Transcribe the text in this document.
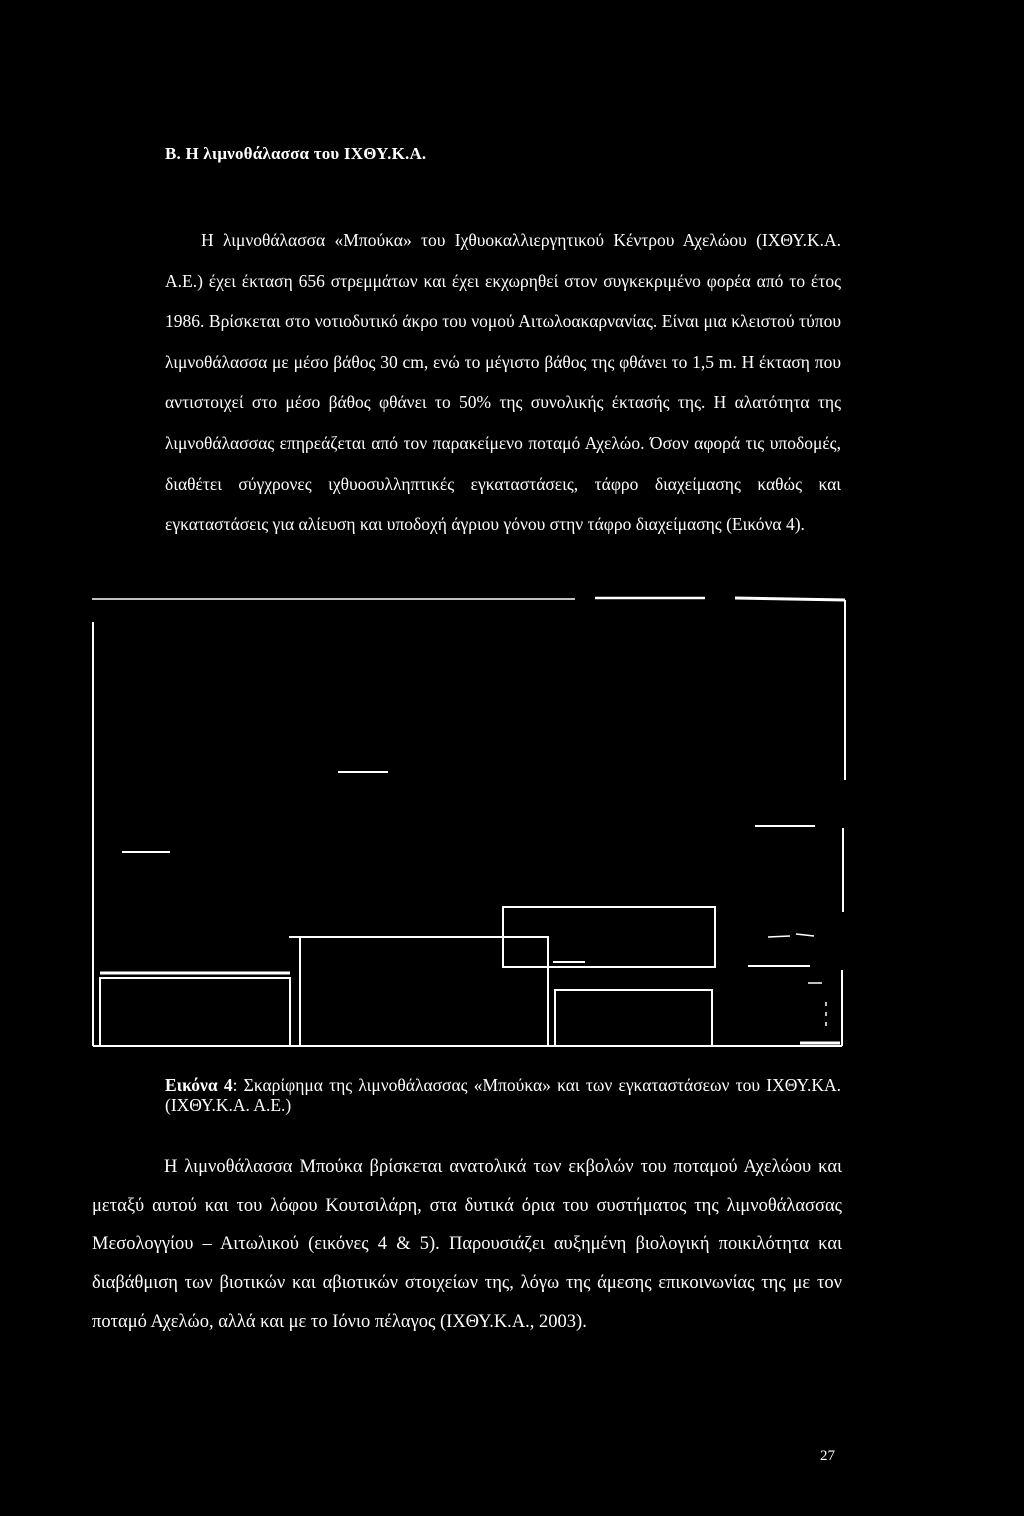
Β. Η λιμνοθάλασσα του ΙΧΘΥ.Κ.Α.
Η λιμνοθάλασσα «Μπούκα» του Ιχθυοκαλλιεργητικού Κέντρου Αχελώου (ΙΧΘΥ.Κ.Α. Α.Ε.) έχει έκταση 656 στρεμμάτων και έχει εκχωρηθεί στον συγκεκριμένο φορέα από το έτος 1986. Βρίσκεται στο νοτιοδυτικό άκρο του νομού Αιτωλοακαρνανίας. Είναι μια κλειστού τύπου λιμνοθάλασσα με μέσο βάθος 30 cm, ενώ το μέγιστο βάθος της φθάνει το 1,5 m. Η έκταση που αντιστοιχεί στο μέσο βάθος φθάνει το 50% της συνολικής έκτασής της. Η αλατότητα της λιμνοθάλασσας επηρεάζεται από τον παρακείμενο ποταμό Αχελώο. Όσον αφορά τις υποδομές, διαθέτει σύγχρονες ιχθυοσυλληπτικές εγκαταστάσεις, τάφρο διαχείμασης καθώς και εγκαταστάσεις για αλίευση και υποδοχή άγριου γόνου στην τάφρο διαχείμασης (Εικόνα 4).
Εικόνα 4: Σκαρίφημα της λιμνοθάλασσας «Μπούκα» και των εγκαταστάσεων του ΙΧΘΥ.ΚΑ. (ΙΧΘΥ.Κ.Α. Α.Ε.)
Η λιμνοθάλασσα Μπούκα βρίσκεται ανατολικά των εκβολών του ποταμού Αχελώου και μεταξύ αυτού και του λόφου Κουτσιλάρη, στα δυτικά όρια του συστήματος της λιμνοθάλασσας Μεσολογγίου – Αιτωλικού (εικόνες 4 & 5). Παρουσιάζει αυξημένη βιολογική ποικιλότητα και διαβάθμιση των βιοτικών και αβιοτικών στοιχείων της, λόγω της άμεσης επικοινωνίας της με τον ποταμό Αχελώο, αλλά και με το Ιόνιο πέλαγος (ΙΧΘΥ.Κ.Α., 2003).
27
